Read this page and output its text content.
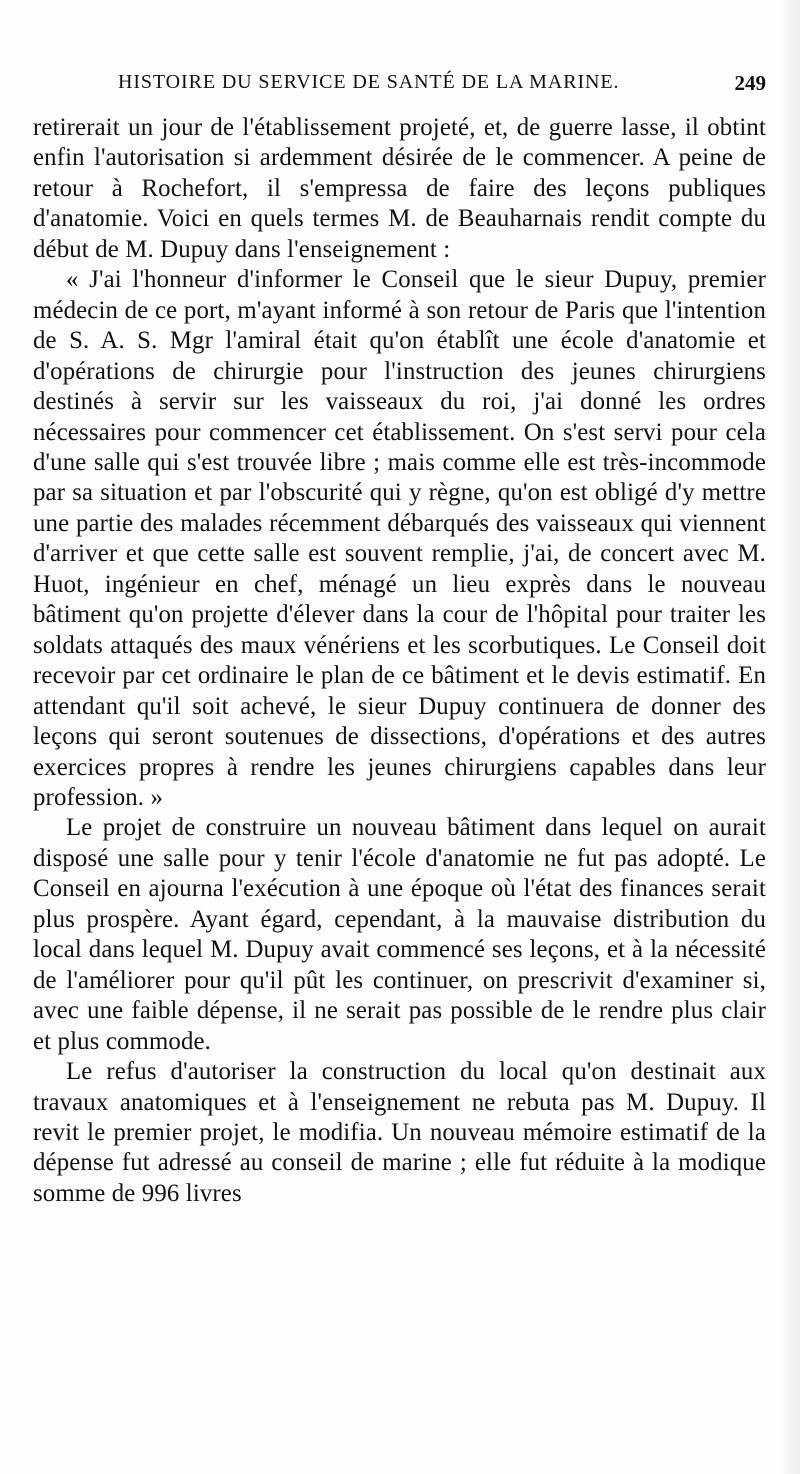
HISTOIRE DU SERVICE DE SANTÉ DE LA MARINE.	249

retirerait un jour de l'établissement projeté, et, de guerre lasse, il obtint enfin l'autorisation si ardemment désirée de le commencer. A peine de retour à Rochefort, il s'empressa de faire des leçons publiques d'anatomie. Voici en quels termes M. de Beauharnais rendit compte du début de M. Dupuy dans l'enseignement :

« J'ai l'honneur d'informer le Conseil que le sieur Dupuy, premier médecin de ce port, m'ayant informé à son retour de Paris que l'intention de S. A. S. Mgr l'amiral était qu'on établît une école d'anatomie et d'opérations de chirurgie pour l'instruction des jeunes chirurgiens destinés à servir sur les vaisseaux du roi, j'ai donné les ordres nécessaires pour commencer cet établissement. On s'est servi pour cela d'une salle qui s'est trouvée libre ; mais comme elle est très-incommode par sa situation et par l'obscurité qui y règne, qu'on est obligé d'y mettre une partie des malades récemment débarqués des vaisseaux qui viennent d'arriver et que cette salle est souvent remplie, j'ai, de concert avec M. Huot, ingénieur en chef, ménagé un lieu exprès dans le nouveau bâtiment qu'on projette d'élever dans la cour de l'hôpital pour traiter les soldats attaqués des maux vénériens et les scorbutiques. Le Conseil doit recevoir par cet ordinaire le plan de ce bâtiment et le devis estimatif. En attendant qu'il soit achevé, le sieur Dupuy continuera de donner des leçons qui seront soutenues de dissections, d'opérations et des autres exercices propres à rendre les jeunes chirurgiens capables dans leur profession. »

Le projet de construire un nouveau bâtiment dans lequel on aurait disposé une salle pour y tenir l'école d'anatomie ne fut pas adopté. Le Conseil en ajourna l'exécution à une époque où l'état des finances serait plus prospère. Ayant égard, cependant, à la mauvaise distribution du local dans lequel M. Dupuy avait commencé ses leçons, et à la nécessité de l'améliorer pour qu'il pût les continuer, on prescrivit d'examiner si, avec une faible dépense, il ne serait pas possible de le rendre plus clair et plus commode.

Le refus d'autoriser la construction du local qu'on destinait aux travaux anatomiques et à l'enseignement ne rebuta pas M. Dupuy. Il revit le premier projet, le modifia. Un nouveau mémoire estimatif de la dépense fut adressé au conseil de marine ; elle fut réduite à la modique somme de 996 livres
